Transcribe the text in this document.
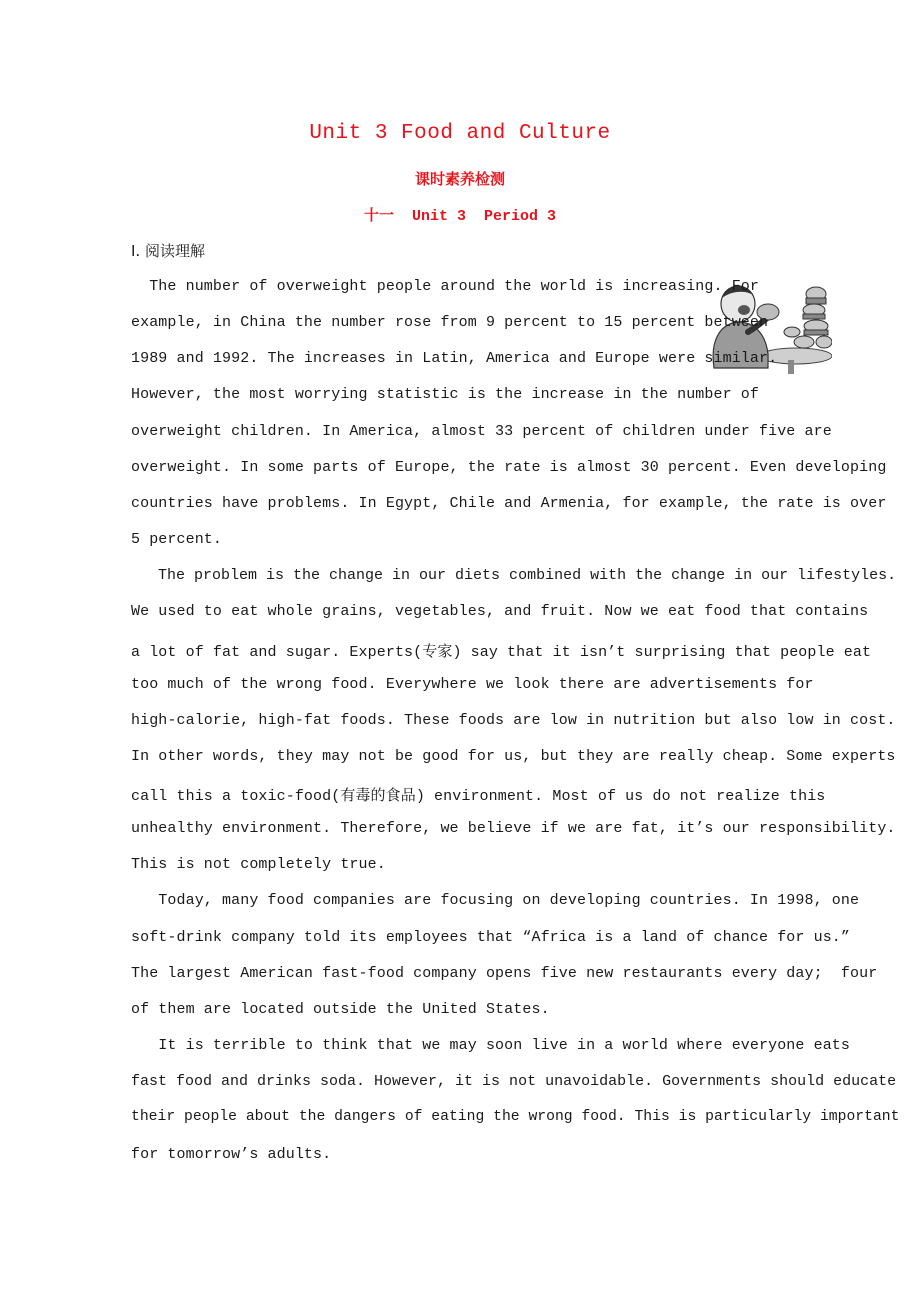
Unit 3 Food and Culture
课时素养检测
十一  Unit 3  Period 3
Ⅰ. 阅读理解
The number of overweight people around the world is increasing. For
example, in China the number rose from 9 percent to 15 percent between
1989 and 1992. The increases in Latin, America and Europe were similar.
However, the most worrying statistic is the increase in the number of
overweight children. In America, almost 33 percent of children under five are
overweight. In some parts of Europe, the rate is almost 30 percent. Even developing
countries have problems. In Egypt, Chile and Armenia, for example, the rate is over
5 percent.
The problem is the change in our diets combined with the change in our lifestyles.
We used to eat whole grains, vegetables, and fruit. Now we eat food that contains
a lot of fat and sugar. Experts(专家) say that it isn’t surprising that people eat
too much of the wrong food. Everywhere we look there are advertisements for
high-calorie, high-fat foods. These foods are low in nutrition but also low in cost.
In other words, they may not be good for us, but they are really cheap. Some experts
call this a toxic-food(有毒的食品) environment. Most of us do not realize this
unhealthy environment. Therefore, we believe if we are fat, it’s our responsibility.
This is not completely true.
Today, many food companies are focusing on developing countries. In 1998, one
soft-drink company told its employees that “Africa is a land of chance for us.”
The largest American fast-food company opens five new restaurants every day;  four
of them are located outside the United States.
It is terrible to think that we may soon live in a world where everyone eats
fast food and drinks soda. However, it is not unavoidable. Governments should educate
their people about the dangers of eating the wrong food. This is particularly important
for tomorrow’s adults.
